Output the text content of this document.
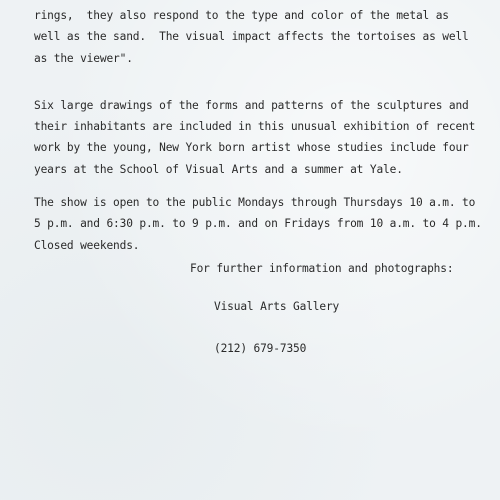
rings,  they also respond to the type and color of the metal as
well as the sand.  The visual impact affects the tortoises as well
as the viewer".
Six large drawings of the forms and patterns of the sculptures and
their inhabitants are included in this unusual exhibition of recent
work by the young, New York born artist whose studies include four
years at the School of Visual Arts and a summer at Yale.
The show is open to the public Mondays through Thursdays 10 a.m. to
5 p.m. and 6:30 p.m. to 9 p.m. and on Fridays from 10 a.m. to 4 p.m.
Closed weekends.
For further information and photographs:
Visual Arts Gallery
(212) 679-7350
